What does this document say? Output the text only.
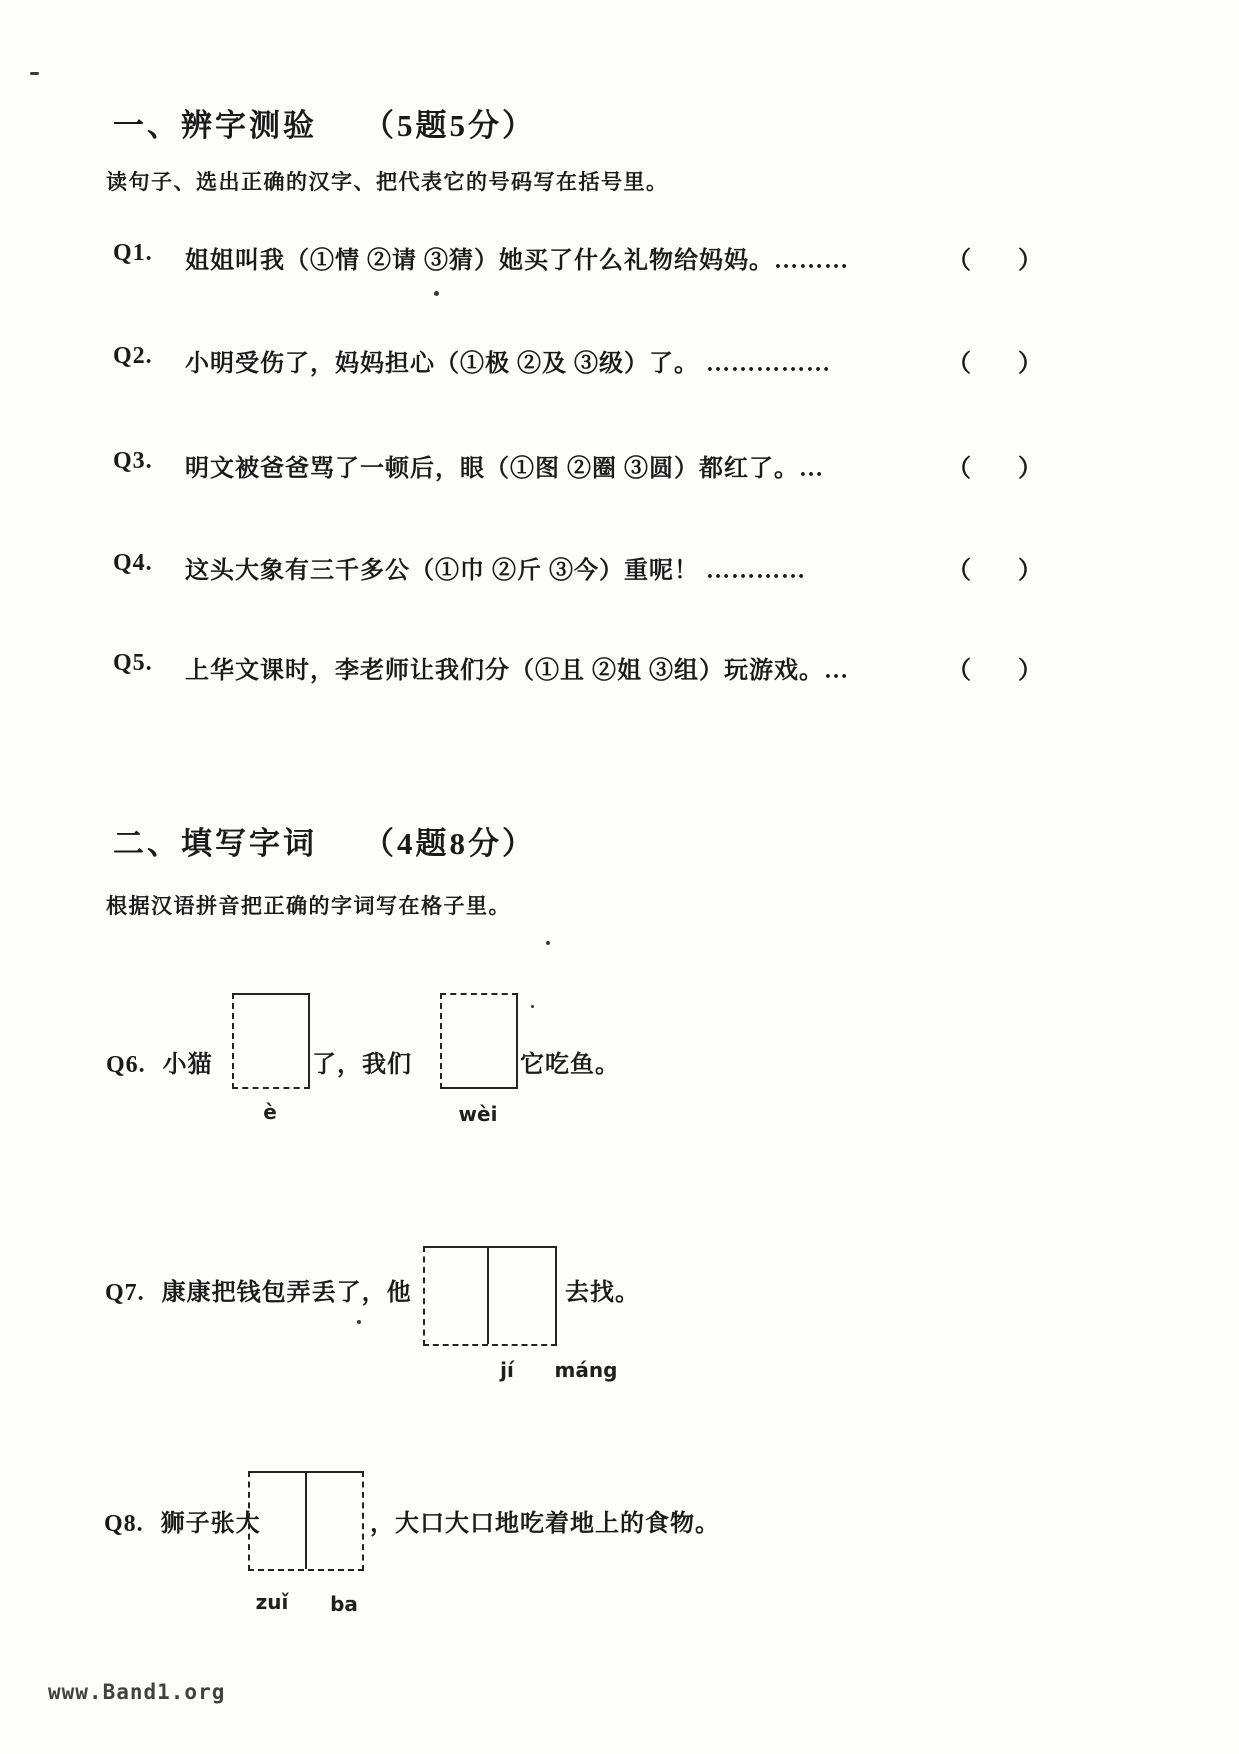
一、辨字测验 （5题5分）
读句子、选出正确的汉字、把代表它的号码写在括号里。
Q1.	姐姐叫我（①情 ②请 ③猜）她买了什么礼物给妈妈。………	（ ）
Q2.	小明受伤了，妈妈担心（①极 ②及 ③级）了。 ……………	（ ）
Q3.	明文被爸爸骂了一顿后，眼（①图 ②圈 ③圆）都红了。…	（ ）
Q4.	这头大象有三千多公（①巾 ②斤 ③今）重呢！ …………	（ ）
Q5.	上华文课时，李老师让我们分（①且 ②姐 ③组）玩游戏。…	（ ）
二、填写字词 （4题8分）
根据汉语拼音把正确的字词写在格子里。
Q6. 小猫	了，我们	它吃鱼。
è	wèi
Q7. 康康把钱包弄丢了，他	去找。
jí máng
Q8. 狮子张大	，大口大口地吃着地上的食物。
zuǐ ba
www.Band1.org
